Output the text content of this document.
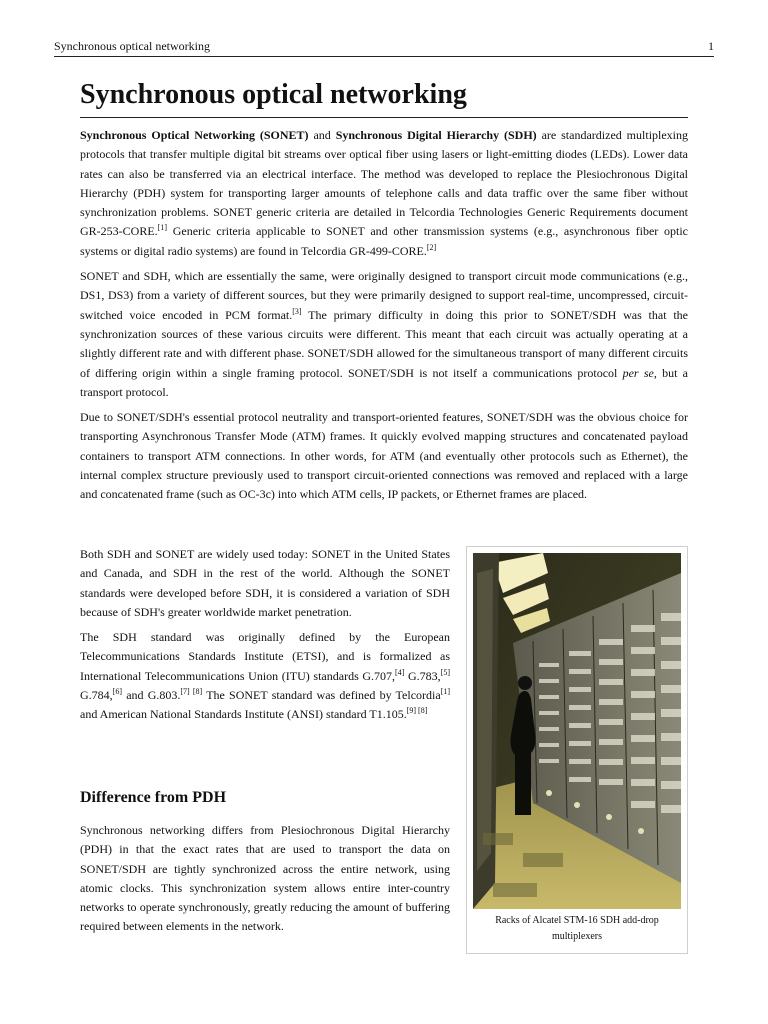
Synchronous optical networking	1
Synchronous optical networking

Synchronous Optical Networking (SONET) and Synchronous Digital Hierarchy (SDH) are standardized multiplexing protocols that transfer multiple digital bit streams over optical fiber using lasers or light-emitting diodes (LEDs). Lower data rates can also be transferred via an electrical interface. The method was developed to replace the Plesiochronous Digital Hierarchy (PDH) system for transporting larger amounts of telephone calls and data traffic over the same fiber without synchronization problems. SONET generic criteria are detailed in Telcordia Technologies Generic Requirements document GR-253-CORE.[1] Generic criteria applicable to SONET and other transmission systems (e.g., asynchronous fiber optic systems or digital radio systems) are found in Telcordia GR-499-CORE.[2]

SONET and SDH, which are essentially the same, were originally designed to transport circuit mode communications (e.g., DS1, DS3) from a variety of different sources, but they were primarily designed to support real-time, uncompressed, circuit-switched voice encoded in PCM format.[3] The primary difficulty in doing this prior to SONET/SDH was that the synchronization sources of these various circuits were different. This meant that each circuit was actually operating at a slightly different rate and with different phase. SONET/SDH allowed for the simultaneous transport of many different circuits of differing origin within a single framing protocol. SONET/SDH is not itself a communications protocol per se, but a transport protocol.

Due to SONET/SDH's essential protocol neutrality and transport-oriented features, SONET/SDH was the obvious choice for transporting Asynchronous Transfer Mode (ATM) frames. It quickly evolved mapping structures and concatenated payload containers to transport ATM connections. In other words, for ATM (and eventually other protocols such as Ethernet), the internal complex structure previously used to transport circuit-oriented connections was removed and replaced with a large and concatenated frame (such as OC-3c) into which ATM cells, IP packets, or Ethernet frames are placed.

Both SDH and SONET are widely used today: SONET in the United States and Canada, and SDH in the rest of the world. Although the SONET standards were developed before SDH, it is considered a variation of SDH because of SDH's greater worldwide market penetration.

The SDH standard was originally defined by the European Telecommunications Standards Institute (ETSI), and is formalized as International Telecommunications Union (ITU) standards G.707,[4] G.783,[5] G.784,[6] and G.803.[7] [8] The SONET standard was defined by Telcordia[1] and American National Standards Institute (ANSI) standard T1.105.[9] [8]

Difference from PDH

Synchronous networking differs from Plesiochronous Digital Hierarchy (PDH) in that the exact rates that are used to transport the data on SONET/SDH are tightly synchronized across the entire network, using atomic clocks. This synchronization system allows entire inter-country networks to operate synchronously, greatly reducing the amount of buffering required between elements in the network.	Racks of Alcatel STM-16 SDH add-drop multiplexers
